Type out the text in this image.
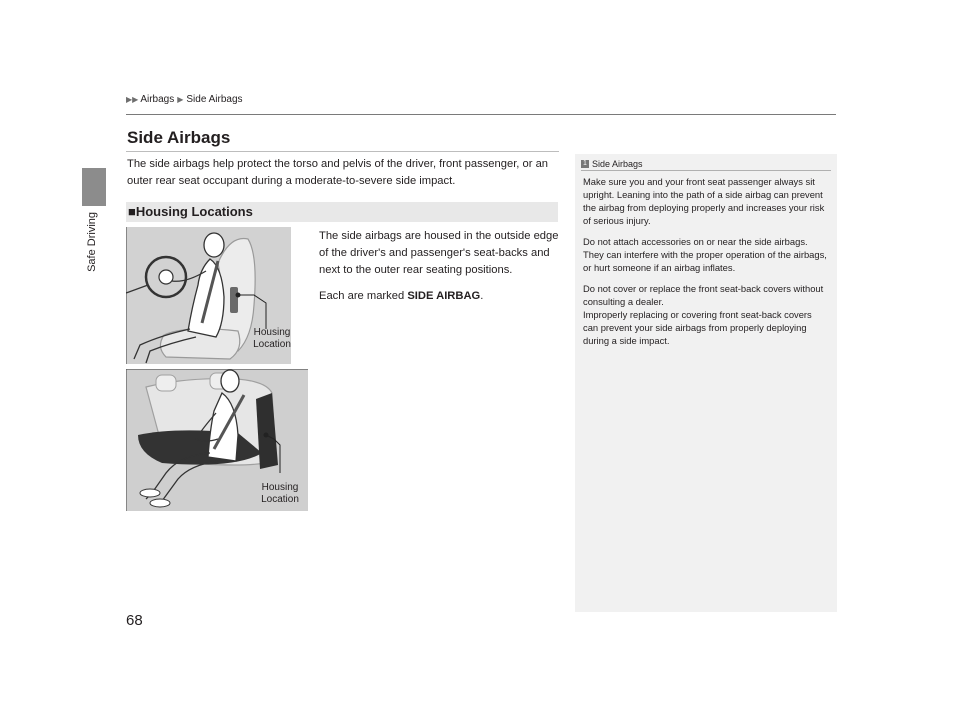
Safe Driving
▶▶ Airbags ▶ Side Airbags
Side Airbags

The side airbags help protect the torso and pelvis of the driver, front passenger, or an outer rear seat occupant during a moderate-to-severe side impact.

■Housing Locations

The side airbags are housed in the outside edge of the driver's and passenger's seat-backs and next to the outer rear seating positions.

Each are marked SIDE AIRBAG.

Housing
Location
Housing
Location
1 Side Airbags

Make sure you and your front seat passenger always sit upright. Leaning into the path of a side airbag can prevent the airbag from deploying properly and increases your risk of serious injury.

Do not attach accessories on or near the side airbags. They can interfere with the proper operation of the airbags, or hurt someone if an airbag inflates.

Do not cover or replace the front seat-back covers without consulting a dealer.

Improperly replacing or covering front seat-back covers can prevent your side airbags from properly deploying during a side impact.

68
